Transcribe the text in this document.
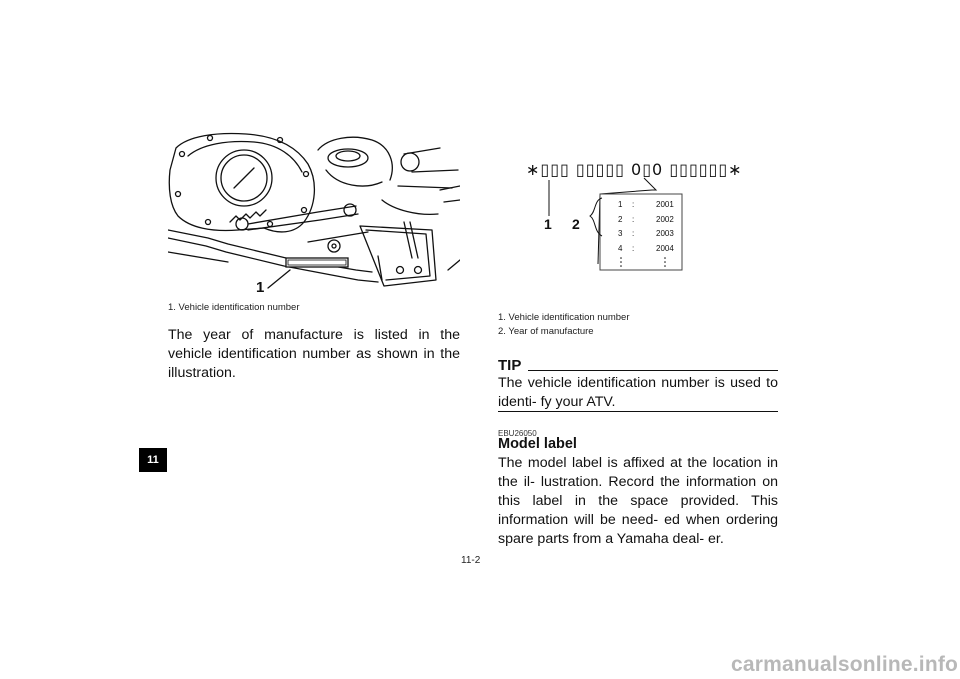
11
1
1. Vehicle identification number
The year of manufacture is listed in the vehicle identification number as shown in the illustration.
∗▯▯▯ ▯▯▯▯▯ 0▯0 ▯▯▯▯▯▯∗
1 2
1	:	2001
2	:	2002
3	:	2003
4	:	2004
1. Vehicle identification number
2. Year of manufacture
TIP
The vehicle identification number is used to identi- fy your ATV.
EBU26050
Model label
The model label is affixed at the location in the il- lustration. Record the information on this label in the space provided. This information will be need- ed when ordering spare parts from a Yamaha deal- er.
11-2
carmanualsonline.info
